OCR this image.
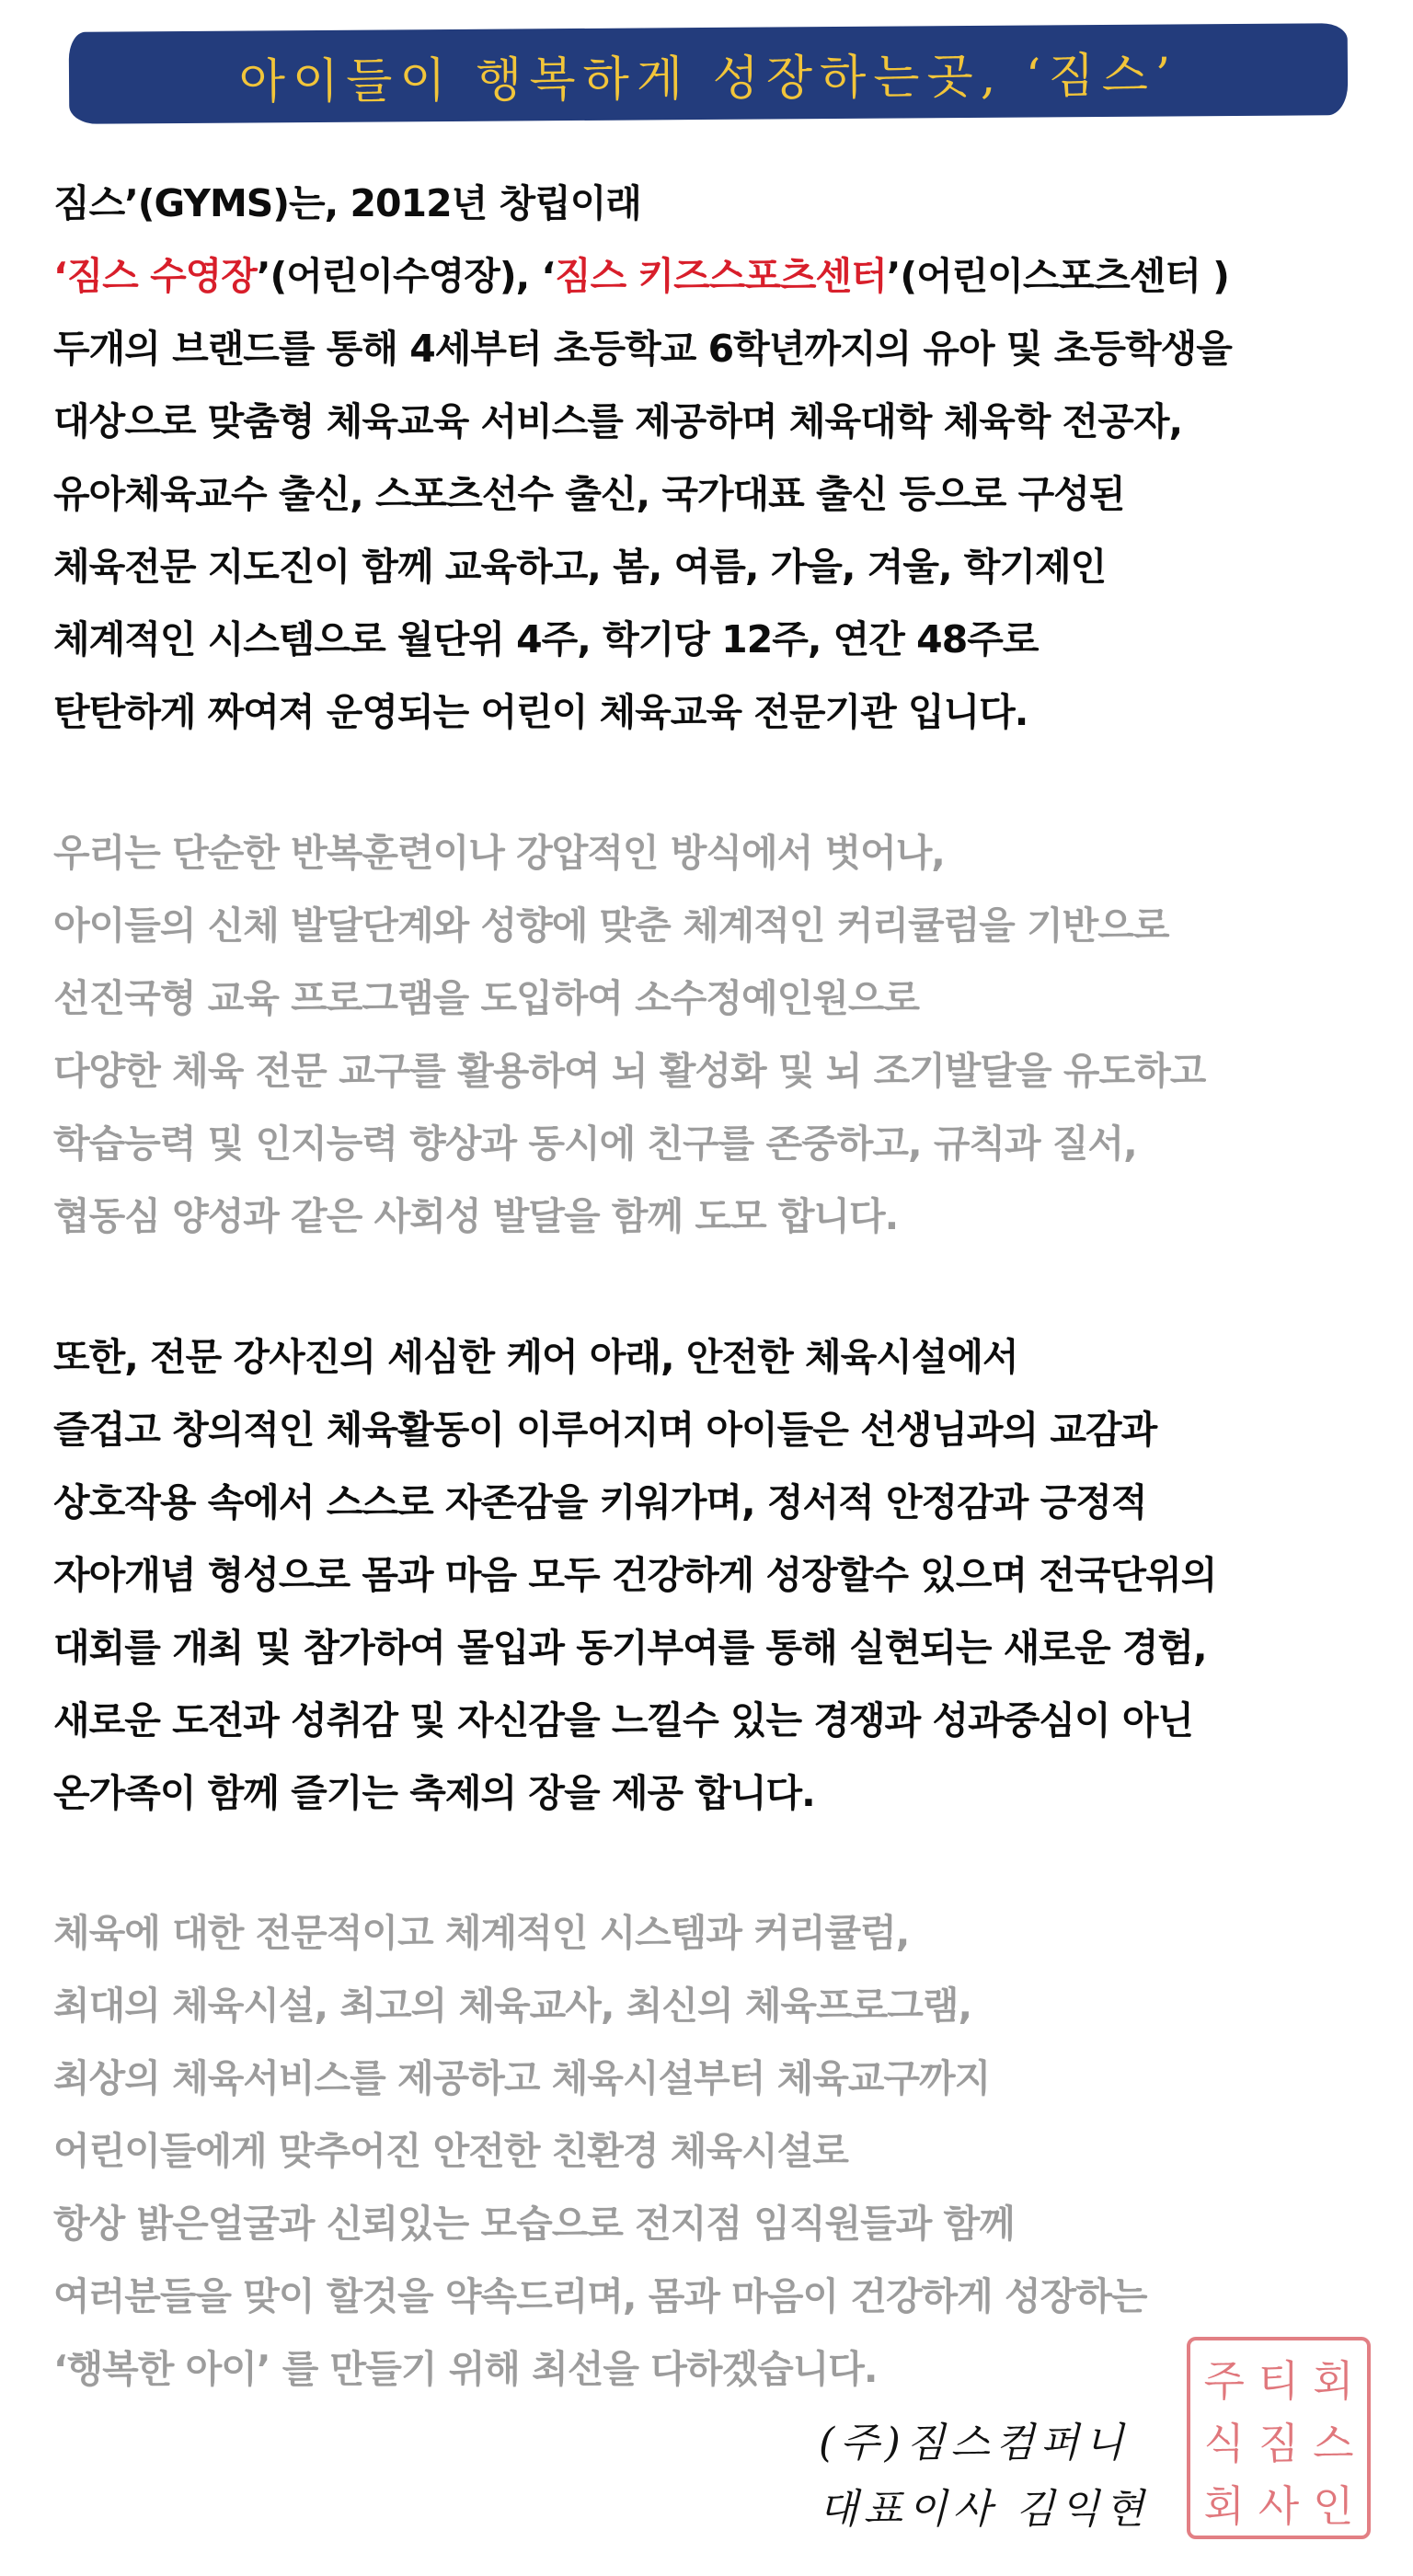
아이들이 행복하게 성장하는곳, ‘짐스’
짐스’(GYMS)는, 2012년 창립이래
‘짐스 수영장’(어린이수영장), ‘짐스 키즈스포츠센터’(어린이스포츠센터 )
두개의 브랜드를 통해 4세부터 초등학교 6학년까지의 유아 및 초등학생을
대상으로 맞춤형 체육교육 서비스를 제공하며 체육대학 체육학 전공자,
유아체육교수 출신, 스포츠선수 출신, 국가대표 출신 등으로 구성된
체육전문 지도진이 함께 교육하고, 봄, 여름, 가을, 겨울, 학기제인
체계적인 시스템으로 월단위 4주, 학기당 12주, 연간 48주로
탄탄하게 짜여져 운영되는 어린이 체육교육 전문기관 입니다.
우리는 단순한 반복훈련이나 강압적인 방식에서 벗어나,
아이들의 신체 발달단계와 성향에 맞춘 체계적인 커리큘럼을 기반으로
선진국형 교육 프로그램을 도입하여 소수정예인원으로
다양한 체육 전문 교구를 활용하여 뇌 활성화 및 뇌 조기발달을 유도하고
학습능력 및 인지능력 향상과 동시에 친구를 존중하고, 규칙과 질서,
협동심 양성과 같은 사회성 발달을 함께 도모 합니다.
또한, 전문 강사진의 세심한 케어 아래, 안전한 체육시설에서
즐겁고 창의적인 체육활동이 이루어지며 아이들은 선생님과의 교감과
상호작용 속에서 스스로 자존감을 키워가며, 정서적 안정감과 긍정적
자아개념 형성으로 몸과 마음 모두 건강하게 성장할수 있으며 전국단위의
대회를 개최 및 참가하여 몰입과 동기부여를 통해 실현되는 새로운 경험,
새로운 도전과 성취감 및 자신감을 느낄수 있는 경쟁과 성과중심이 아닌
온가족이 함께 즐기는 축제의 장을 제공 합니다.
체육에 대한 전문적이고 체계적인 시스템과 커리큘럼,
최대의 체육시설, 최고의 체육교사, 최신의 체육프로그램,
최상의 체육서비스를 제공하고 체육시설부터 체육교구까지
어린이들에게 맞추어진 안전한 친환경 체육시설로
항상 밝은얼굴과 신뢰있는 모습으로 전지점 임직원들과 함께
여러분들을 맞이 할것을 약속드리며, 몸과 마음이 건강하게 성장하는
‘행복한 아이’ 를 만들기 위해 최선을 다하겠습니다.
(주)짐스컴퍼니
대표이사 김익현
주 티 회
식 짐 스
회 사 인
